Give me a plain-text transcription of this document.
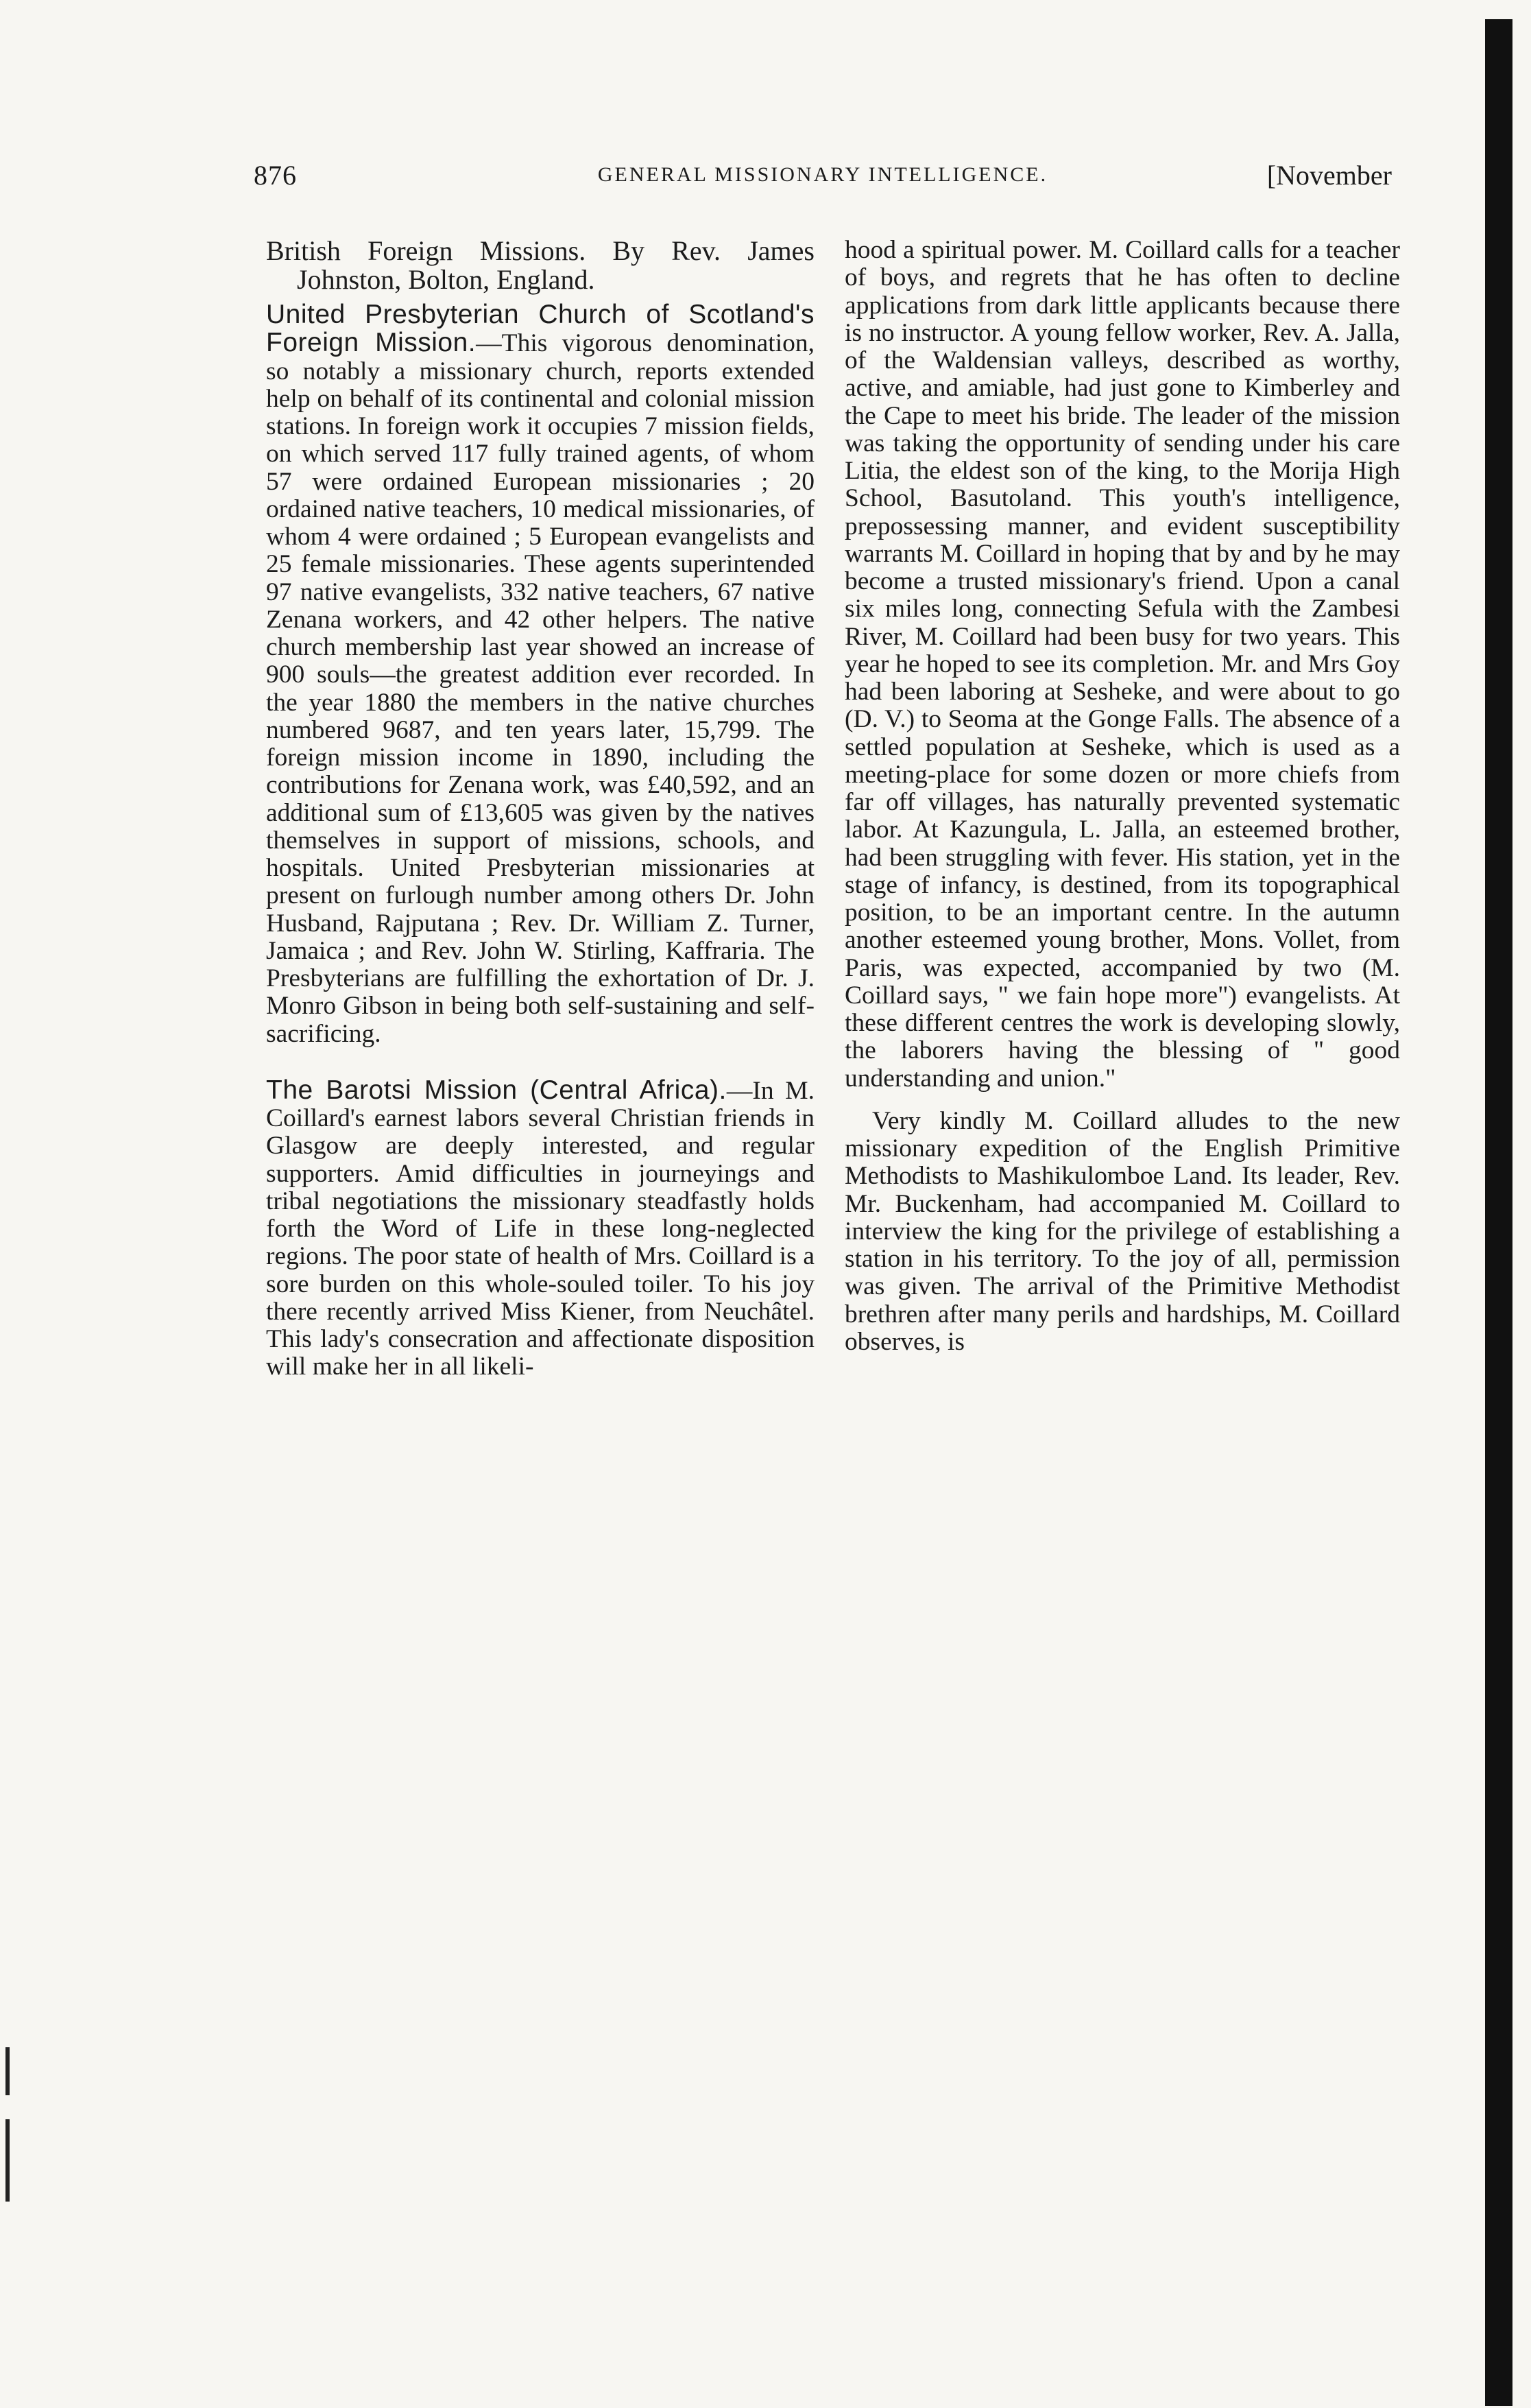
876	GENERAL MISSIONARY INTELLIGENCE.	[November

British Foreign Missions. By Rev. James Johnston, Bolton, England.

United Presbyterian Church of Scotland's Foreign Mission.—This vigorous denomination, so notably a missionary church, reports extended help on behalf of its continental and colonial mission stations. In foreign work it occupies 7 mission fields, on which served 117 fully trained agents, of whom 57 were ordained European missionaries ; 20 ordained native teachers, 10 medical missionaries, of whom 4 were ordained ; 5 European evangelists and 25 female missionaries. These agents superintended 97 native evangelists, 332 native teachers, 67 native Zenana workers, and 42 other helpers. The native church membership last year showed an increase of 900 souls—the greatest addition ever recorded. In the year 1880 the members in the native churches numbered 9687, and ten years later, 15,799. The foreign mission income in 1890, including the contributions for Zenana work, was £40,592, and an additional sum of £13,605 was given by the natives themselves in support of missions, schools, and hospitals. United Presbyterian missionaries at present on furlough number among others Dr. John Husband, Rajputana ; Rev. Dr. William Z. Turner, Jamaica ; and Rev. John W. Stirling, Kaffraria. The Presbyterians are fulfilling the exhortation of Dr. J. Monro Gibson in being both self-sustaining and self-sacrificing.

The Barotsi Mission (Central Africa).—In M. Coillard's earnest labors several Christian friends in Glasgow are deeply interested, and regular supporters. Amid difficulties in journeyings and tribal negotiations the missionary steadfastly holds forth the Word of Life in these long-neglected regions. The poor state of health of Mrs. Coillard is a sore burden on this whole-souled toiler. To his joy there recently arrived Miss Kiener, from Neuchâtel. This lady's consecration and affectionate disposition will make her in all likeli-

hood a spiritual power. M. Coillard calls for a teacher of boys, and regrets that he has often to decline applications from dark little applicants because there is no instructor. A young fellow worker, Rev. A. Jalla, of the Waldensian valleys, described as worthy, active, and amiable, had just gone to Kimberley and the Cape to meet his bride. The leader of the mission was taking the opportunity of sending under his care Litia, the eldest son of the king, to the Morija High School, Basutoland. This youth's intelligence, prepossessing manner, and evident susceptibility warrants M. Coillard in hoping that by and by he may become a trusted missionary's friend. Upon a canal six miles long, connecting Sefula with the Zambesi River, M. Coillard had been busy for two years. This year he hoped to see its completion. Mr. and Mrs Goy had been laboring at Sesheke, and were about to go (D. V.) to Seoma at the Gonge Falls. The absence of a settled population at Sesheke, which is used as a meeting-place for some dozen or more chiefs from far off villages, has naturally prevented systematic labor. At Kazungula, L. Jalla, an esteemed brother, had been struggling with fever. His station, yet in the stage of infancy, is destined, from its topographical position, to be an important centre. In the autumn another esteemed young brother, Mons. Vollet, from Paris, was expected, accompanied by two (M. Coillard says, " we fain hope more") evangelists. At these different centres the work is developing slowly, the laborers having the blessing of " good understanding and union."

Very kindly M. Coillard alludes to the new missionary expedition of the English Primitive Methodists to Mashikulomboe Land. Its leader, Rev. Mr. Buckenham, had accompanied M. Coillard to interview the king for the privilege of establishing a station in his territory. To the joy of all, permission was given. The arrival of the Primitive Methodist brethren after many perils and hardships, M. Coillard observes, is
